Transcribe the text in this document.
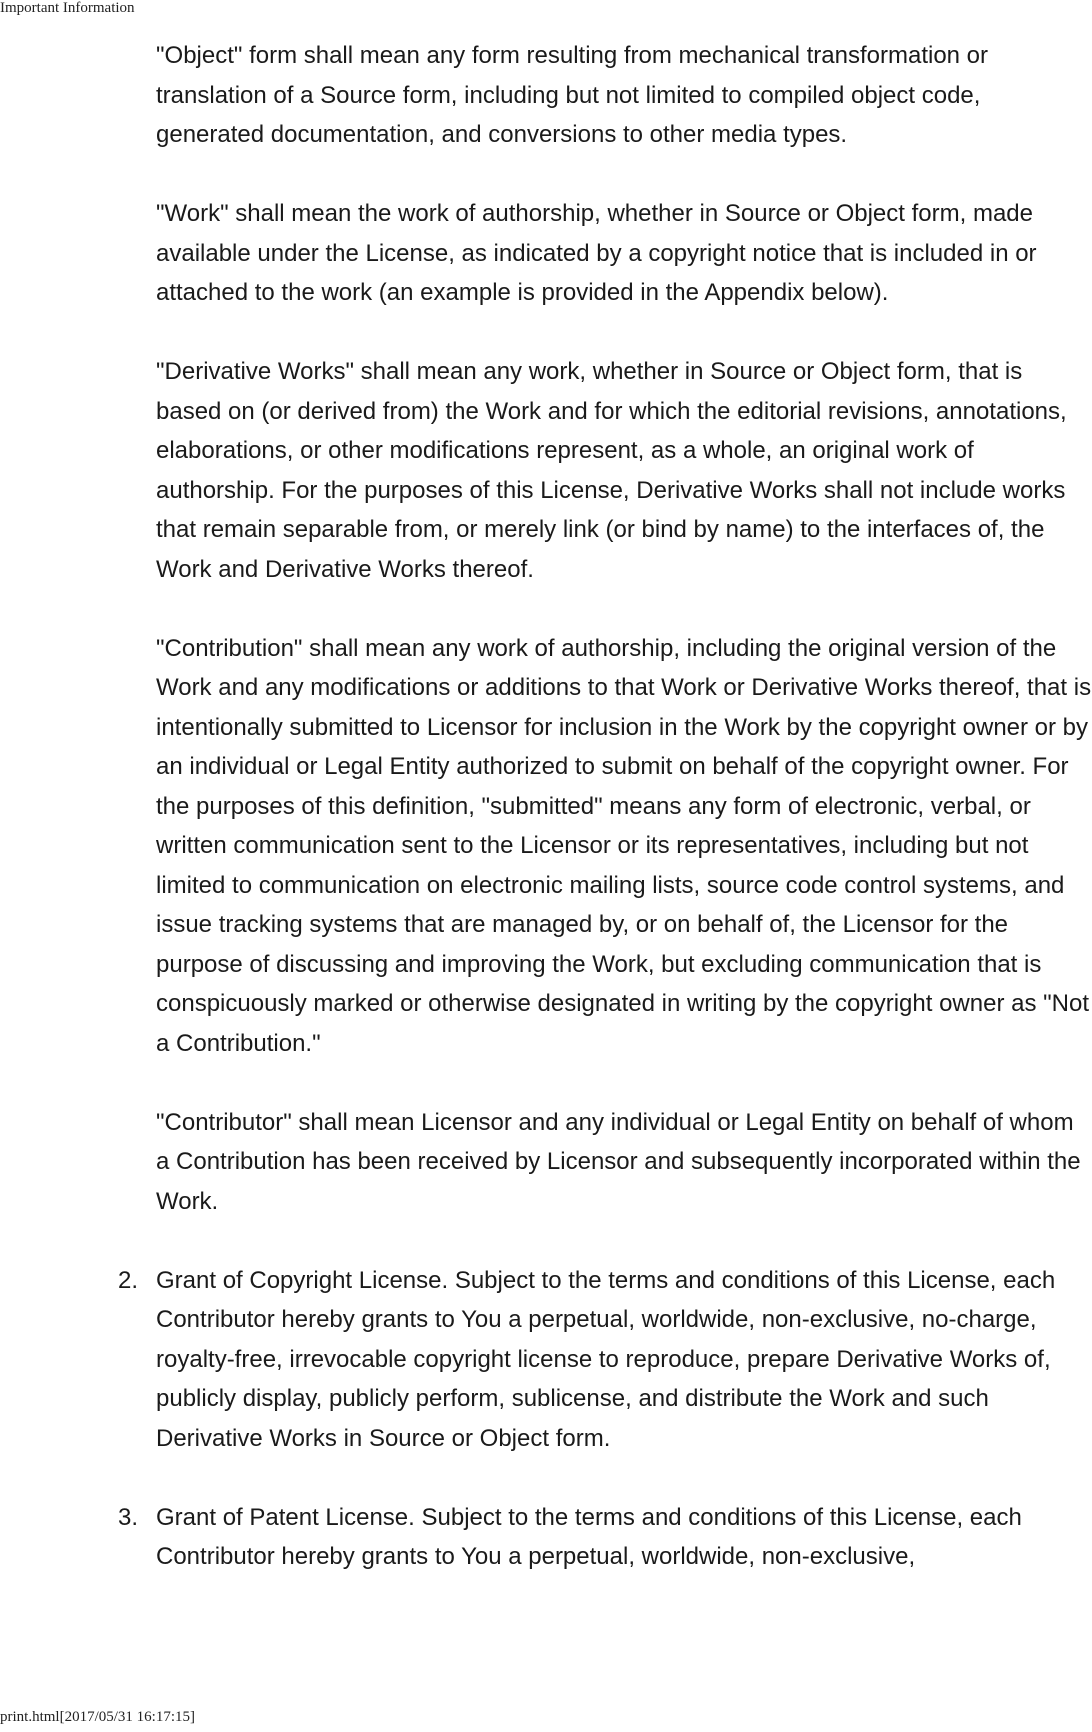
Important Information

"Object" form shall mean any form resulting from mechanical transformation or translation of a Source form, including but not limited to compiled object code, generated documentation, and conversions to other media types.

"Work" shall mean the work of authorship, whether in Source or Object form, made available under the License, as indicated by a copyright notice that is included in or attached to the work (an example is provided in the Appendix below).

"Derivative Works" shall mean any work, whether in Source or Object form, that is based on (or derived from) the Work and for which the editorial revisions, annotations, elaborations, or other modifications represent, as a whole, an original work of authorship. For the purposes of this License, Derivative Works shall not include works that remain separable from, or merely link (or bind by name) to the interfaces of, the Work and Derivative Works thereof.

"Contribution" shall mean any work of authorship, including the original version of the Work and any modifications or additions to that Work or Derivative Works thereof, that is intentionally submitted to Licensor for inclusion in the Work by the copyright owner or by an individual or Legal Entity authorized to submit on behalf of the copyright owner. For the purposes of this definition, "submitted" means any form of electronic, verbal, or written communication sent to the Licensor or its representatives, including but not limited to communication on electronic mailing lists, source code control systems, and issue tracking systems that are managed by, or on behalf of, the Licensor for the purpose of discussing and improving the Work, but excluding communication that is conspicuously marked or otherwise designated in writing by the copyright owner as "Not a Contribution."

"Contributor" shall mean Licensor and any individual or Legal Entity on behalf of whom a Contribution has been received by Licensor and subsequently incorporated within the Work.

2. Grant of Copyright License. Subject to the terms and conditions of this License, each Contributor hereby grants to You a perpetual, worldwide, non-exclusive, no-charge, royalty-free, irrevocable copyright license to reproduce, prepare Derivative Works of, publicly display, publicly perform, sublicense, and distribute the Work and such Derivative Works in Source or Object form.
3. Grant of Patent License. Subject to the terms and conditions of this License, each Contributor hereby grants to You a perpetual, worldwide, non-exclusive,
print.html[2017/05/31 16:17:15]
